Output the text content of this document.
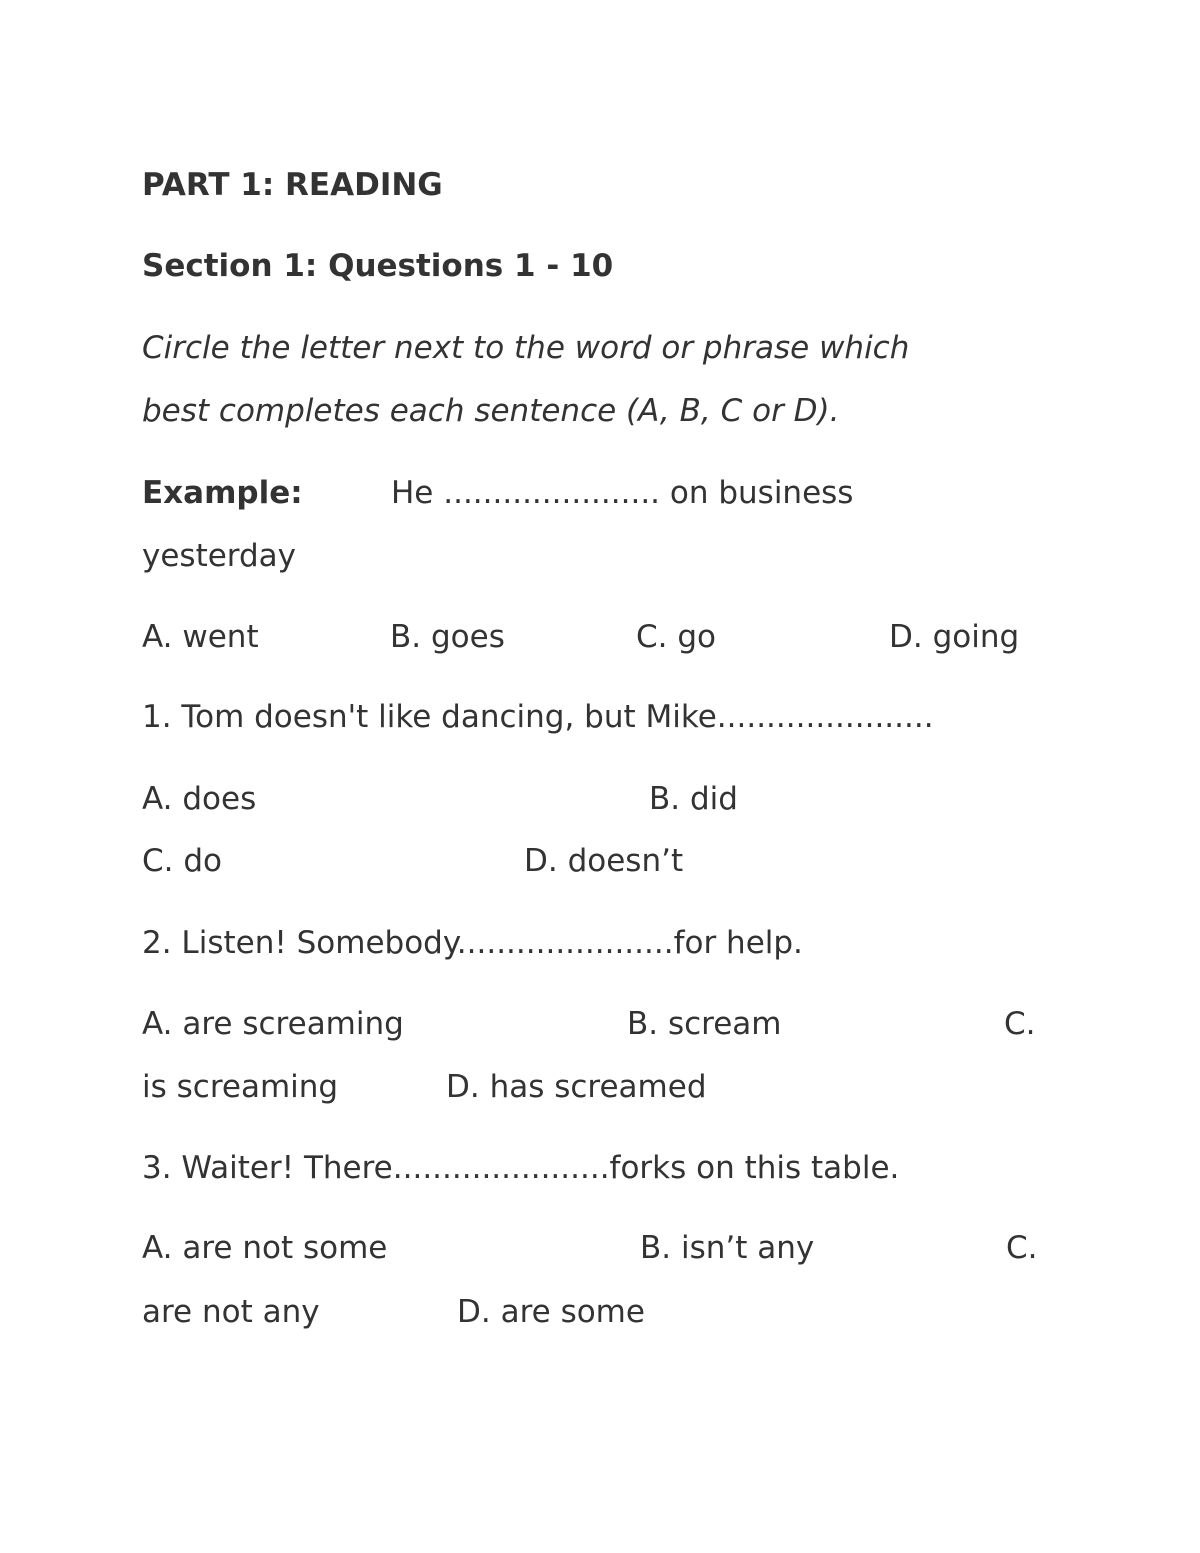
PART 1: READING
Section 1: Questions 1 - 10
Circle the letter next to the word or phrase which
best completes each sentence (A, B, C or D).
Example:	He ...................... on business
yesterday
A. went	B. goes	C. go	D. going
1. Tom doesn't like dancing, but Mike......................
A. does	B. did
C. do	D. doesn’t
2. Listen! Somebody......................for help.
A. are screaming	B. scream	C.
is screaming	D. has screamed
3. Waiter! There......................forks on this table.
A. are not some	B. isn’t any	C.
are not any	D. are some
